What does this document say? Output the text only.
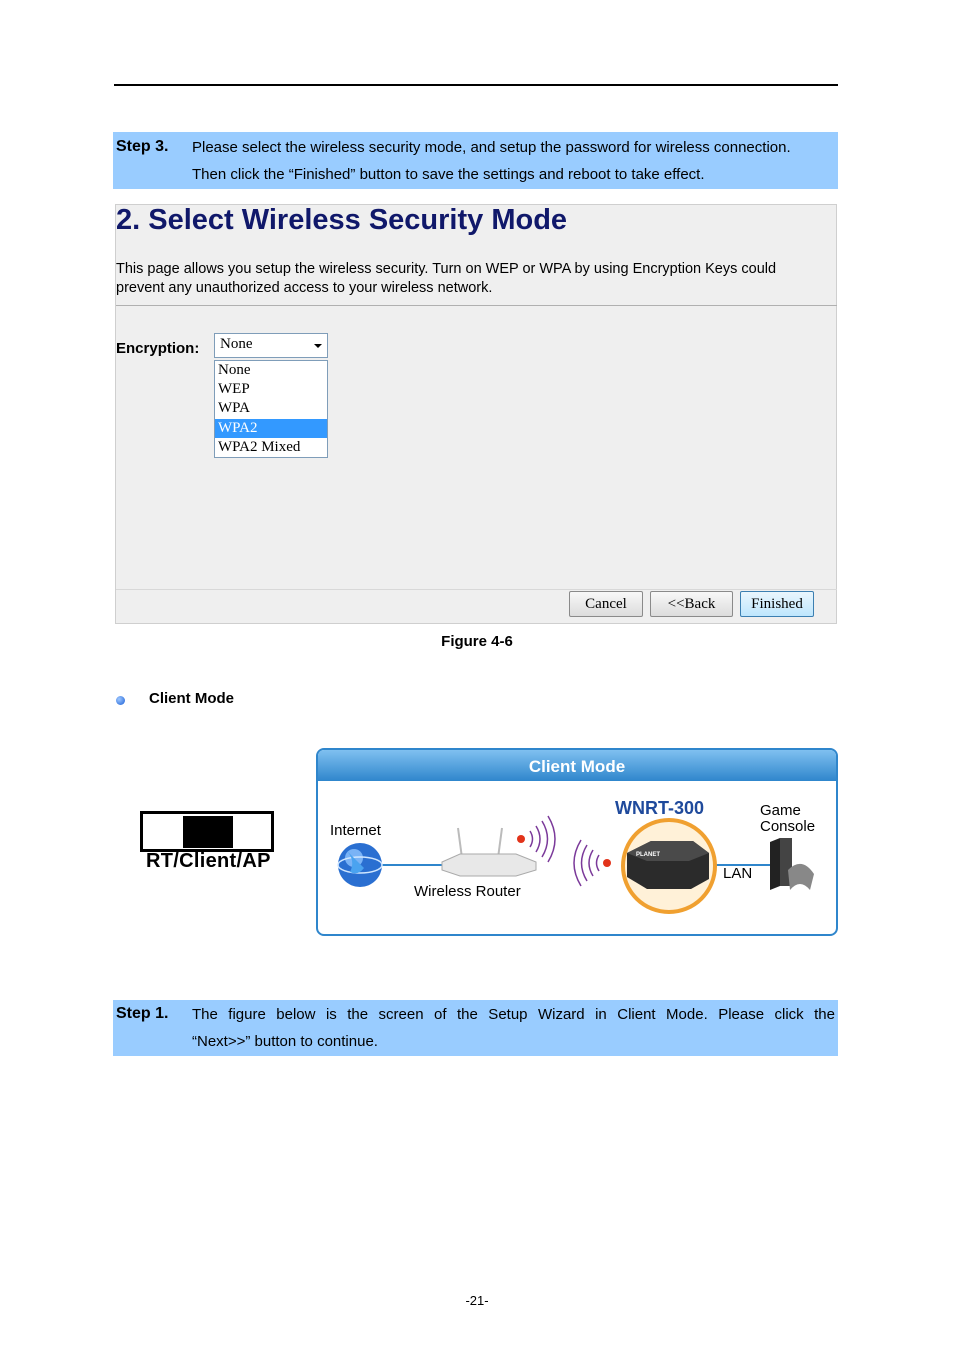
Step 3. Please select the wireless security mode, and setup the password for wireless connection.
Then click the “Finished” button to save the settings and reboot to take effect.
2. Select Wireless Security Mode
This page allows you setup the wireless security. Turn on WEP or WPA by using Encryption Keys could
prevent any unauthorized access to your wireless network.
Encryption: None
None
WEP
WPA
WPA2
WPA2 Mixed
Cancel	<<Back	Finished
Figure 4-6
Client Mode
RT/Client/AP
Client Mode
PLANET
Internet
Wireless Router
WNRT-300
LAN
Game
Console
Step 1. The figure below is the screen of the Setup Wizard in Client Mode. Please click the
“Next>>” button to continue.
-21-
